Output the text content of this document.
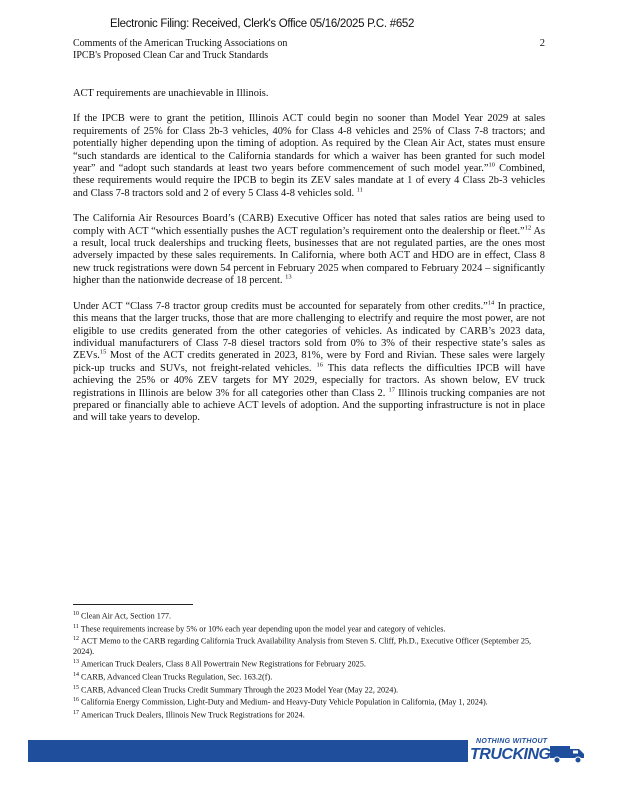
Electronic Filing: Received, Clerk's Office 05/16/2025 P.C. #652
Comments of the American Trucking Associations on
IPCB's Proposed Clean Car and Truck Standards
2

ACT requirements are unachievable in Illinois.

If the IPCB were to grant the petition, Illinois ACT could begin no sooner than Model Year 2029 at sales requirements of 25% for Class 2b-3 vehicles, 40% for Class 4-8 vehicles and 25% of Class 7-8 tractors; and potentially higher depending upon the timing of adoption. As required by the Clean Air Act, states must ensure “such standards are identical to the California standards for which a waiver has been granted for such model year” and “adopt such standards at least two years before commencement of such model year.”$^{10}$ Combined, these requirements would require the IPCB to begin its ZEV sales mandate at 1 of every 4 Class 2b-3 vehicles and Class 7-8 tractors sold and 2 of every 5 Class 4-8 vehicles sold. $^{11}$

The California Air Resources Board’s (CARB) Executive Officer has noted that sales ratios are being used to comply with ACT “which essentially pushes the ACT regulation’s requirement onto the dealership or fleet.”$^{12}$ As a result, local truck dealerships and trucking fleets, businesses that are not regulated parties, are the ones most adversely impacted by these sales requirements. In California, where both ACT and HDO are in effect, Class 8 new truck registrations were down 54 percent in February 2025 when compared to February 2024 – significantly higher than the nationwide decrease of 18 percent. $^{13}$

Under ACT “Class 7-8 tractor group credits must be accounted for separately from other credits.”$^{14}$ In practice, this means that the larger trucks, those that are more challenging to electrify and require the most power, are not eligible to use credits generated from the other categories of vehicles. As indicated by CARB’s 2023 data, individual manufacturers of Class 7-8 diesel tractors sold from 0% to 3% of their respective state’s sales as ZEVs.$^{15}$ Most of the ACT credits generated in 2023, 81%, were by Ford and Rivian. These sales were largely pick-up trucks and SUVs, not freight-related vehicles. $^{16}$ This data reflects the difficulties IPCB will have achieving the 25% or 40% ZEV targets for MY 2029, especially for tractors. As shown below, EV truck registrations in Illinois are below 3% for all categories other than Class 2. $^{17}$ Illinois trucking companies are not prepared or financially able to achieve ACT levels of adoption. And the supporting infrastructure is not in place and will take years to develop.

$^{10}$ Clean Air Act, Section 177.

$^{11}$ These requirements increase by 5% or 10% each year depending upon the model year and category of vehicles.

$^{12}$ ACT Memo to the CARB regarding California Truck Availability Analysis from Steven S. Cliff, Ph.D., Executive Officer (September 25, 2024).

$^{13}$ American Truck Dealers, Class 8 All Powertrain New Registrations for February 2025.

$^{14}$ CARB, Advanced Clean Trucks Regulation, Sec. 163.2(f).

$^{15}$ CARB, Advanced Clean Trucks Credit Summary Through the 2023 Model Year (May 22, 2024).

$^{16}$ California Energy Commission, Light-Duty and Medium- and Heavy-Duty Vehicle Population in California, (May 1, 2024).

$^{17}$ American Truck Dealers, Illinois New Truck Registrations for 2024.

NOTHING WITHOUT
TRUCKING
